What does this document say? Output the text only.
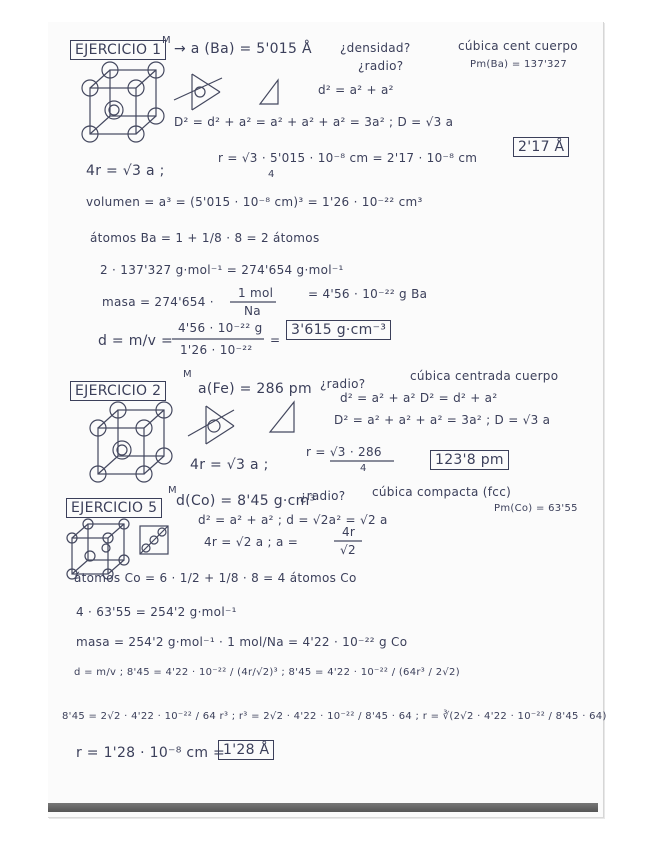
EJERCICIO 1
M
→ a (Ba) = 5'015 Å ¿densidad?
¿radio?
cúbica cent cuerpo
Pm(Ba) = 137'327
d² = a² + a²
D² = d² + a² = a² + a² + a² = 3a² ; D = √3 a
4r = √3 a ;
r = √3 · 5'015 · 10⁻⁸ cm = 2'17 · 10⁻⁸ cm
4
2'17 Å
volumen = a³ = (5'015 · 10⁻⁸ cm)³ = 1'26 · 10⁻²² cm³
átomos Ba = 1 + 1/8 · 8 = 2 átomos
2 · 137'327 g·mol⁻¹ = 274'654 g·mol⁻¹
masa = 274'654 ·
1 mol
Na
= 4'56 · 10⁻²² g Ba
d = m/v =
4'56 · 10⁻²² g
1'26 · 10⁻²²
=
3'615 g·cm⁻³
EJERCICIO 2
M
a(Fe) = 286 pm ¿radio?
cúbica centrada cuerpo
d² = a² + a² D² = d² + a²
D² = a² + a² + a² = 3a² ; D = √3 a
4r = √3 a ;
r = √3 · 286
4
123'8 pm
EJERCICIO 5
M
d(Co) = 8'45 g·cm³
¿radio? cúbica compacta (fcc)
d² = a² + a² ; d = √2a² = √2 a
Pm(Co) = 63'55
4r = √2 a ; a =
4r
√2
átomos Co = 6 · 1/2 + 1/8 · 8 = 4 átomos Co
4 · 63'55 = 254'2 g·mol⁻¹
masa = 254'2 g·mol⁻¹ · 1 mol/Na = 4'22 · 10⁻²² g Co
d = m/v ; 8'45 = 4'22 · 10⁻²² / (4r/√2)³ ; 8'45 = 4'22 · 10⁻²² / (64r³ / 2√2)
8'45 = 2√2 · 4'22 · 10⁻²² / 64 r³ ; r³ = 2√2 · 4'22 · 10⁻²² / 8'45 · 64 ; r = ∛(2√2 · 4'22 · 10⁻²² / 8'45 · 64)
r = 1'28 · 10⁻⁸ cm =
1'28 Å
